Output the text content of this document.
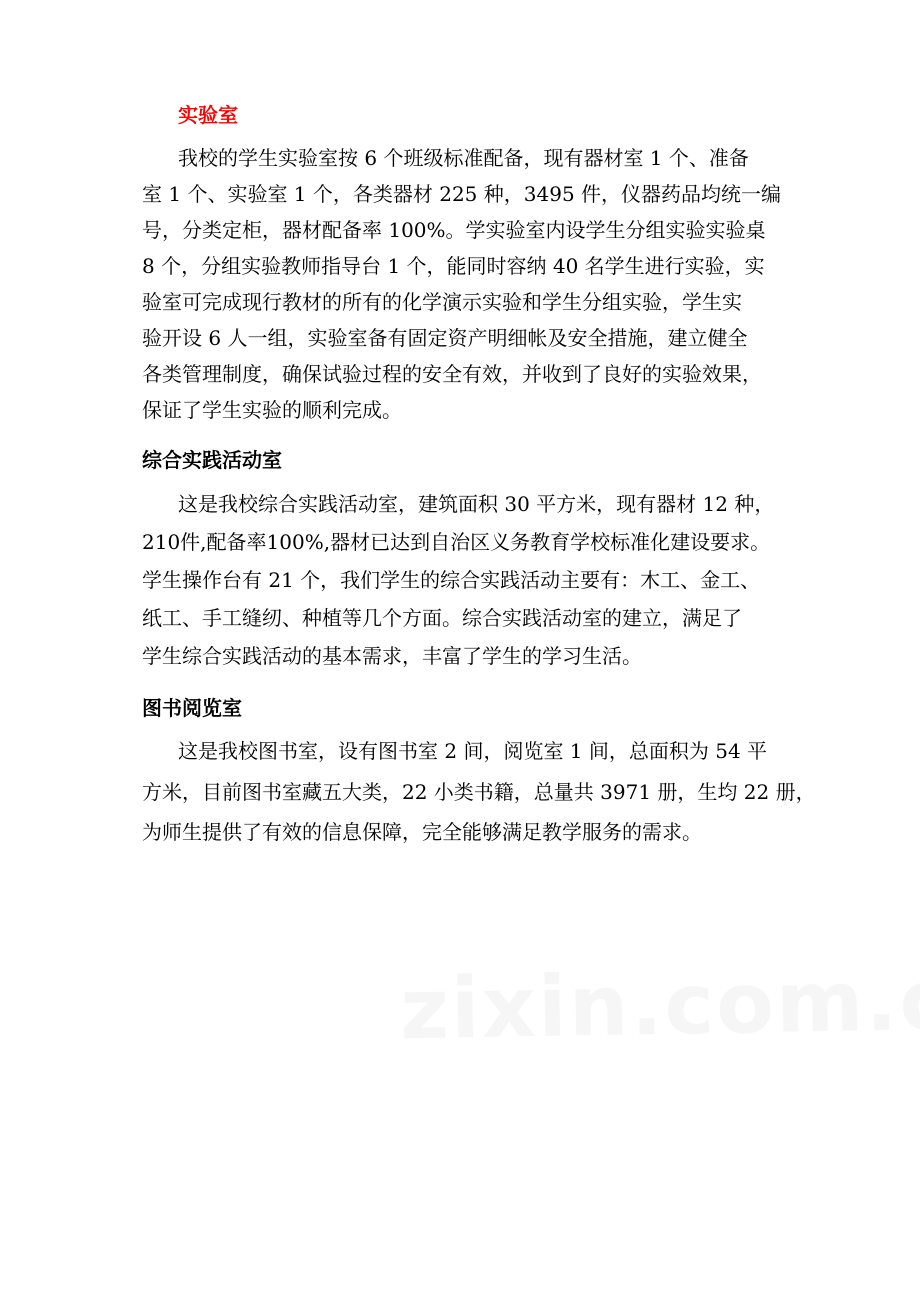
实验室
我校的学生实验室按 6 个班级标准配备，现有器材室 1 个、准备
室 1 个、实验室 1 个，各类器材 225 种，3495 件，仪器药品均统一编
号，分类定柜，器材配备率 100%。学实验室内设学生分组实验实验桌
8 个，分组实验教师指导台 1 个，能同时容纳 40 名学生进行实验，实
验室可完成现行教材的所有的化学演示实验和学生分组实验，学生实
验开设 6 人一组，实验室备有固定资产明细帐及安全措施，建立健全
各类管理制度，确保试验过程的安全有效，并收到了良好的实验效果，
保证了学生实验的顺利完成。
综合实践活动室
这是我校综合实践活动室，建筑面积 30 平方米，现有器材 12 种，
210件,配备率100%,器材已达到自治区义务教育学校标准化建设要求。
学生操作台有 21 个，我们学生的综合实践活动主要有：木工、金工、
纸工、手工缝纫、种植等几个方面。综合实践活动室的建立，满足了
学生综合实践活动的基本需求，丰富了学生的学习生活。
图书阅览室
这是我校图书室，设有图书室 2 间，阅览室 1 间，总面积为 54 平
方米，目前图书室藏五大类，22 小类书籍，总量共 3971 册，生均 22 册，
为师生提供了有效的信息保障，完全能够满足教学服务的需求。
